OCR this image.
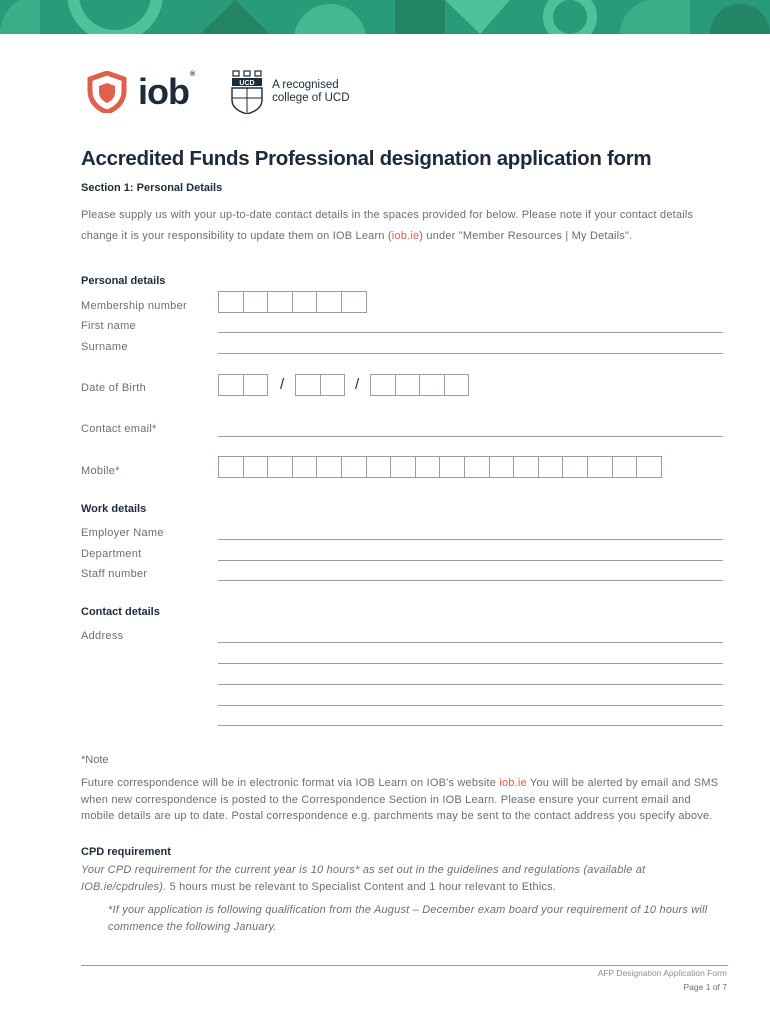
iob®
UCD A recognised
college of UCD
Accredited Funds Professional designation application form
Section 1: Personal Details
Please supply us with your up-to-date contact details in the spaces provided for below. Please note if your contact details change it is your responsibility to update them on IOB Learn (iob.ie) under "Member Resources | My Details".
Personal details
Membership number
First name
Surname
Date of Birth	/	/
Contact email*
Mobile*
Work details
Employer Name
Department
Staff number
Contact details
Address
*Note
Future correspondence will be in electronic format via IOB Learn on IOB's website iob.ie You will be alerted by email and SMS when new correspondence is posted to the Correspondence Section in IOB Learn. Please ensure your current email and mobile details are up to date. Postal correspondence e.g. parchments may be sent to the contact address you specify above.
CPD requirement
Your CPD requirement for the current year is 10 hours* as set out in the guidelines and regulations (available at IOB.ie/cpdrules). 5 hours must be relevant to Specialist Content and 1 hour relevant to Ethics.
*If your application is following qualification from the August – December exam board your requirement of 10 hours will commence the following January.
AFP Designation Application Form
Page 1 of 7
